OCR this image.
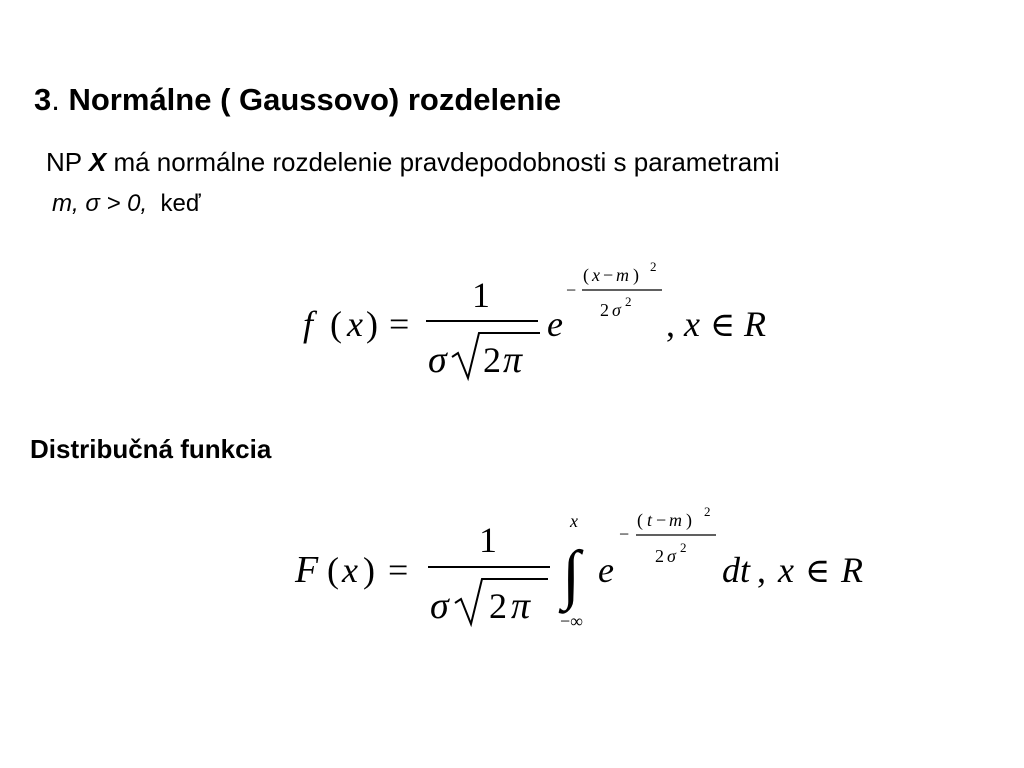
3. Normálne ( Gaussovo) rozdelenie
NP X má normálne rozdelenie pravdepodobnosti s parametrami
m, σ > 0, keď
f ( x ) =
1
σ 2 π
e
−
( x − m ) 2
2 σ 2
, x ∈ R
Distribučná funkcia
F ( x ) =
1
σ 2 π
x
∫
−∞
e
−
( t − m ) 2
2 σ 2
dt , x ∈ R
